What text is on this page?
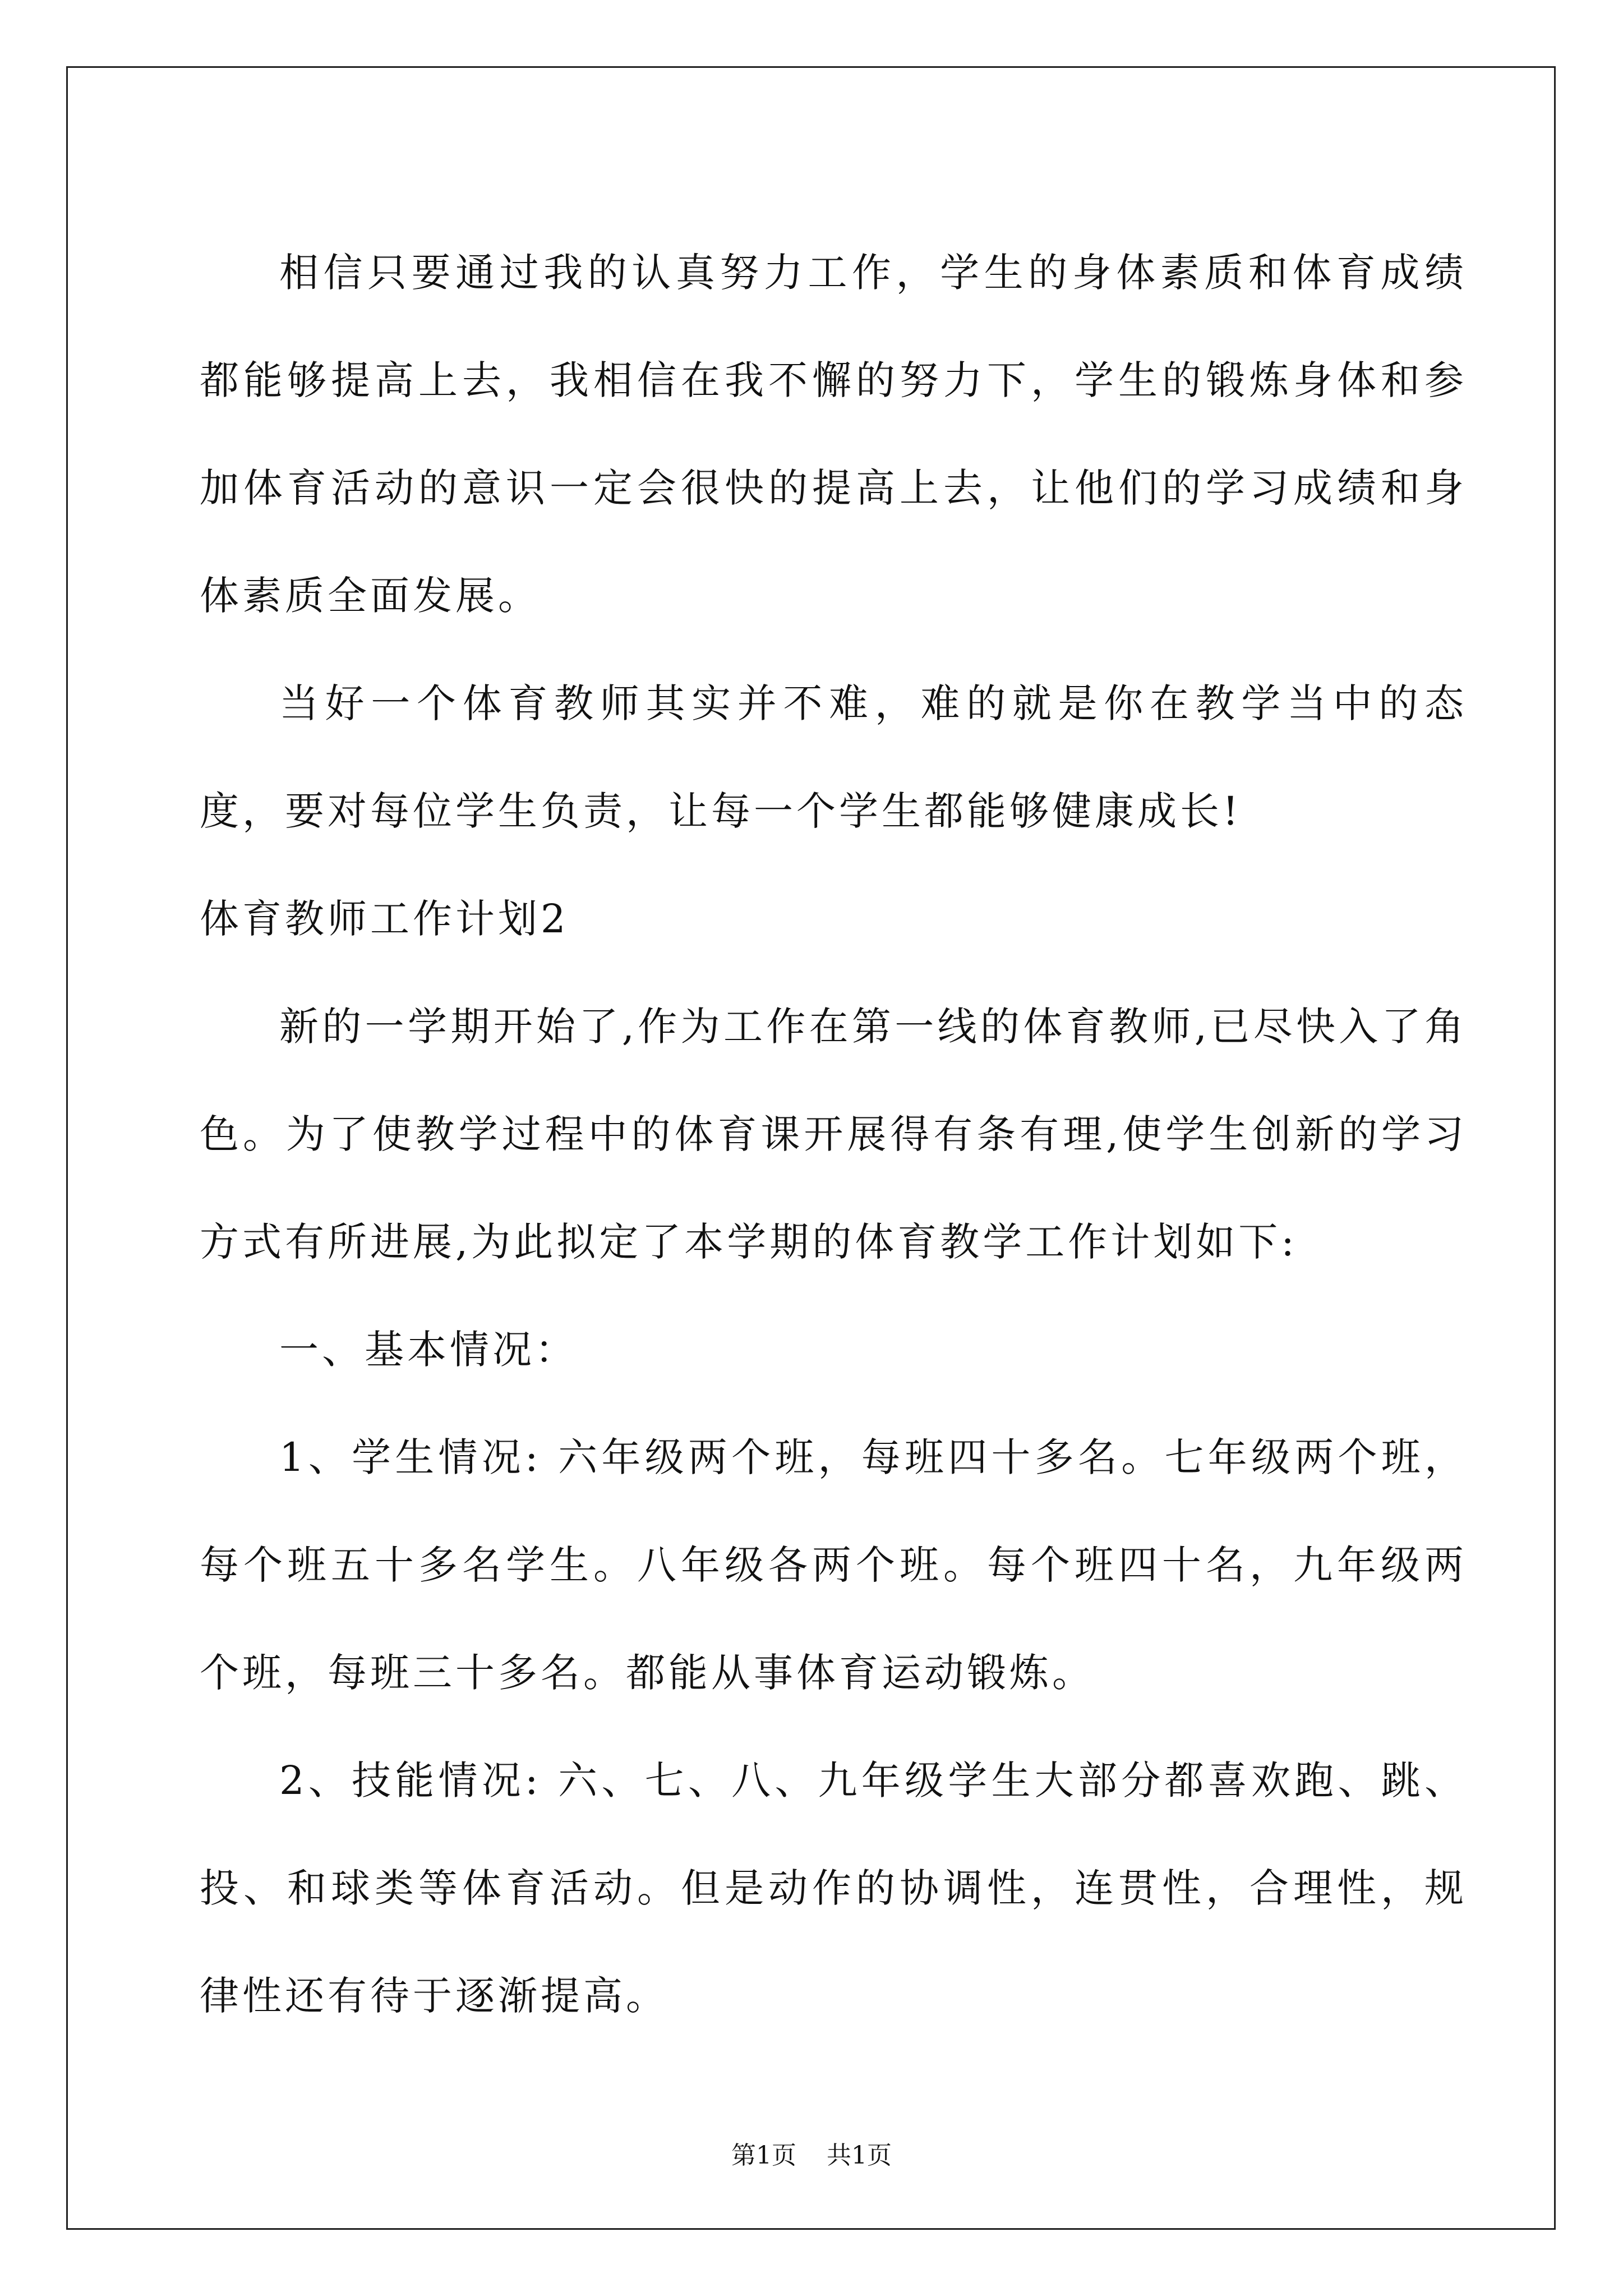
相信只要通过我的认真努力工作，学生的身体素质和体育成绩都能够提高上去，我相信在我不懈的努力下，学生的锻炼身体和参加体育活动的意识一定会很快的提高上去，让他们的学习成绩和身体素质全面发展。

当好一个体育教师其实并不难，难的就是你在教学当中的态度，要对每位学生负责，让每一个学生都能够健康成长!

体育教师工作计划2

新的一学期开始了,作为工作在第一线的体育教师,已尽快入了角色。为了使教学过程中的体育课开展得有条有理,使学生创新的学习方式有所进展,为此拟定了本学期的体育教学工作计划如下:

一、基本情况：

1、学生情况: 六年级两个班，每班四十多名。七年级两个班，每个班五十多名学生。八年级各两个班。每个班四十名，九年级两个班，每班三十多名。都能从事体育运动锻炼。

2、技能情况: 六、七、八、九年级学生大部分都喜欢跑、跳、投、和球类等体育活动。但是动作的协调性，连贯性，合理性，规律性还有待于逐渐提高。

第1页 共1页
